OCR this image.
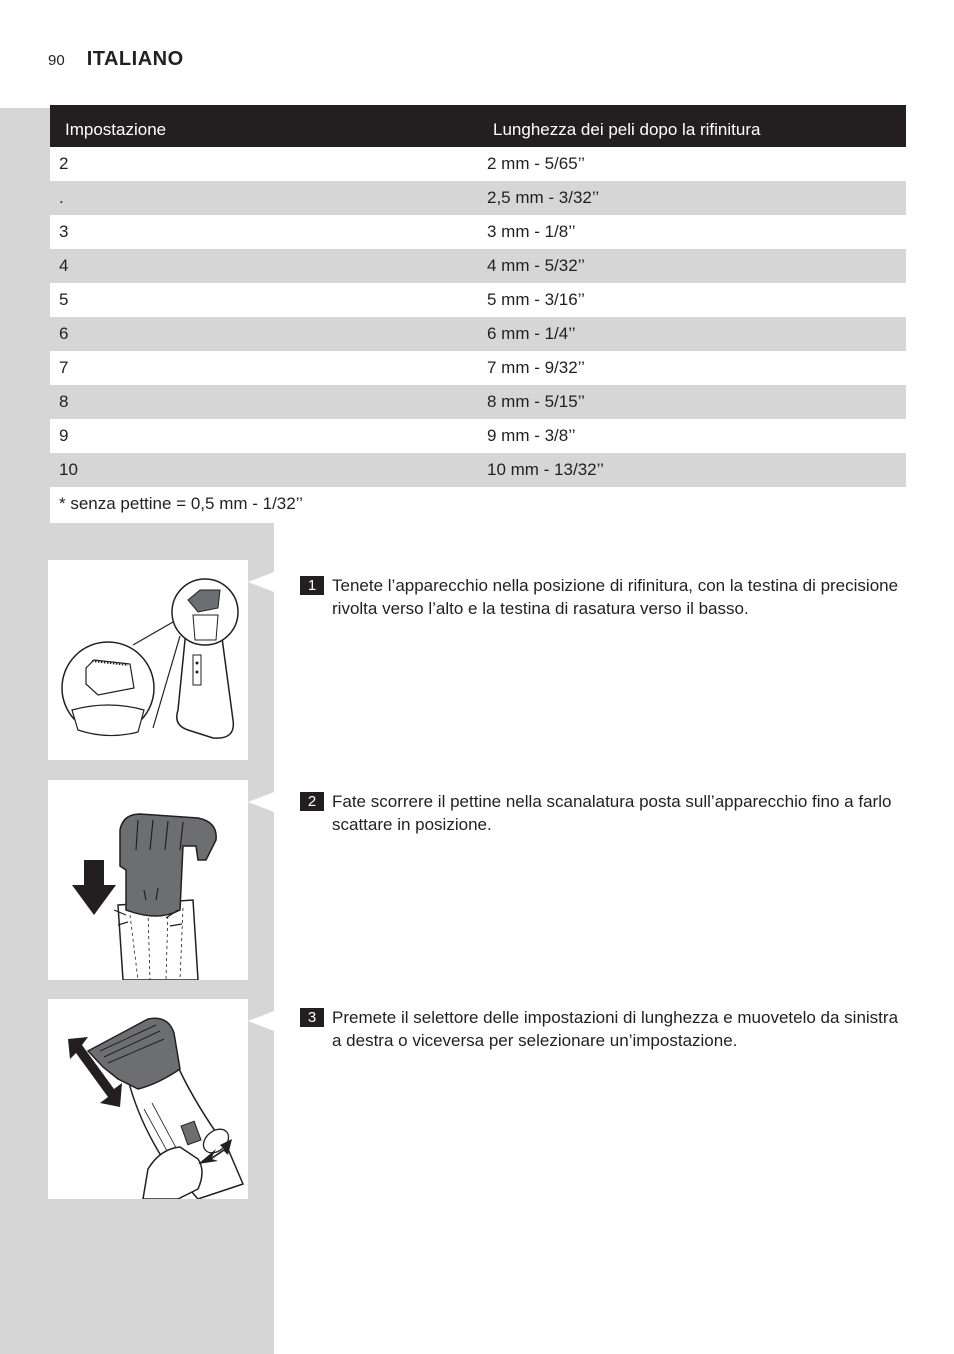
90 ITALIANO
Impostazione	Lunghezza dei peli dopo la rifinitura
2	2 mm - 5/65’’
.	2,5 mm - 3/32’’
3	3 mm - 1/8’’
4	4 mm - 5/32’’
5	5 mm - 3/16’’
6	6 mm - 1/4’’
7	7 mm - 9/32’’
8	8 mm - 5/15’’
9	9 mm - 3/8’’
10	10 mm - 13/32’’
* senza pettine = 0,5 mm - 1/32’’
1 Tenete l’apparecchio nella posizione di rifinitura, con la testina di precisione rivolta verso l’alto e la testina di rasatura verso il basso.
2 Fate scorrere il pettine nella scanalatura posta sull’apparecchio fino a farlo scattare in posizione.
3 Premete il selettore delle impostazioni di lunghezza e muovetelo da sinistra a destra o viceversa per selezionare un’impostazione.
